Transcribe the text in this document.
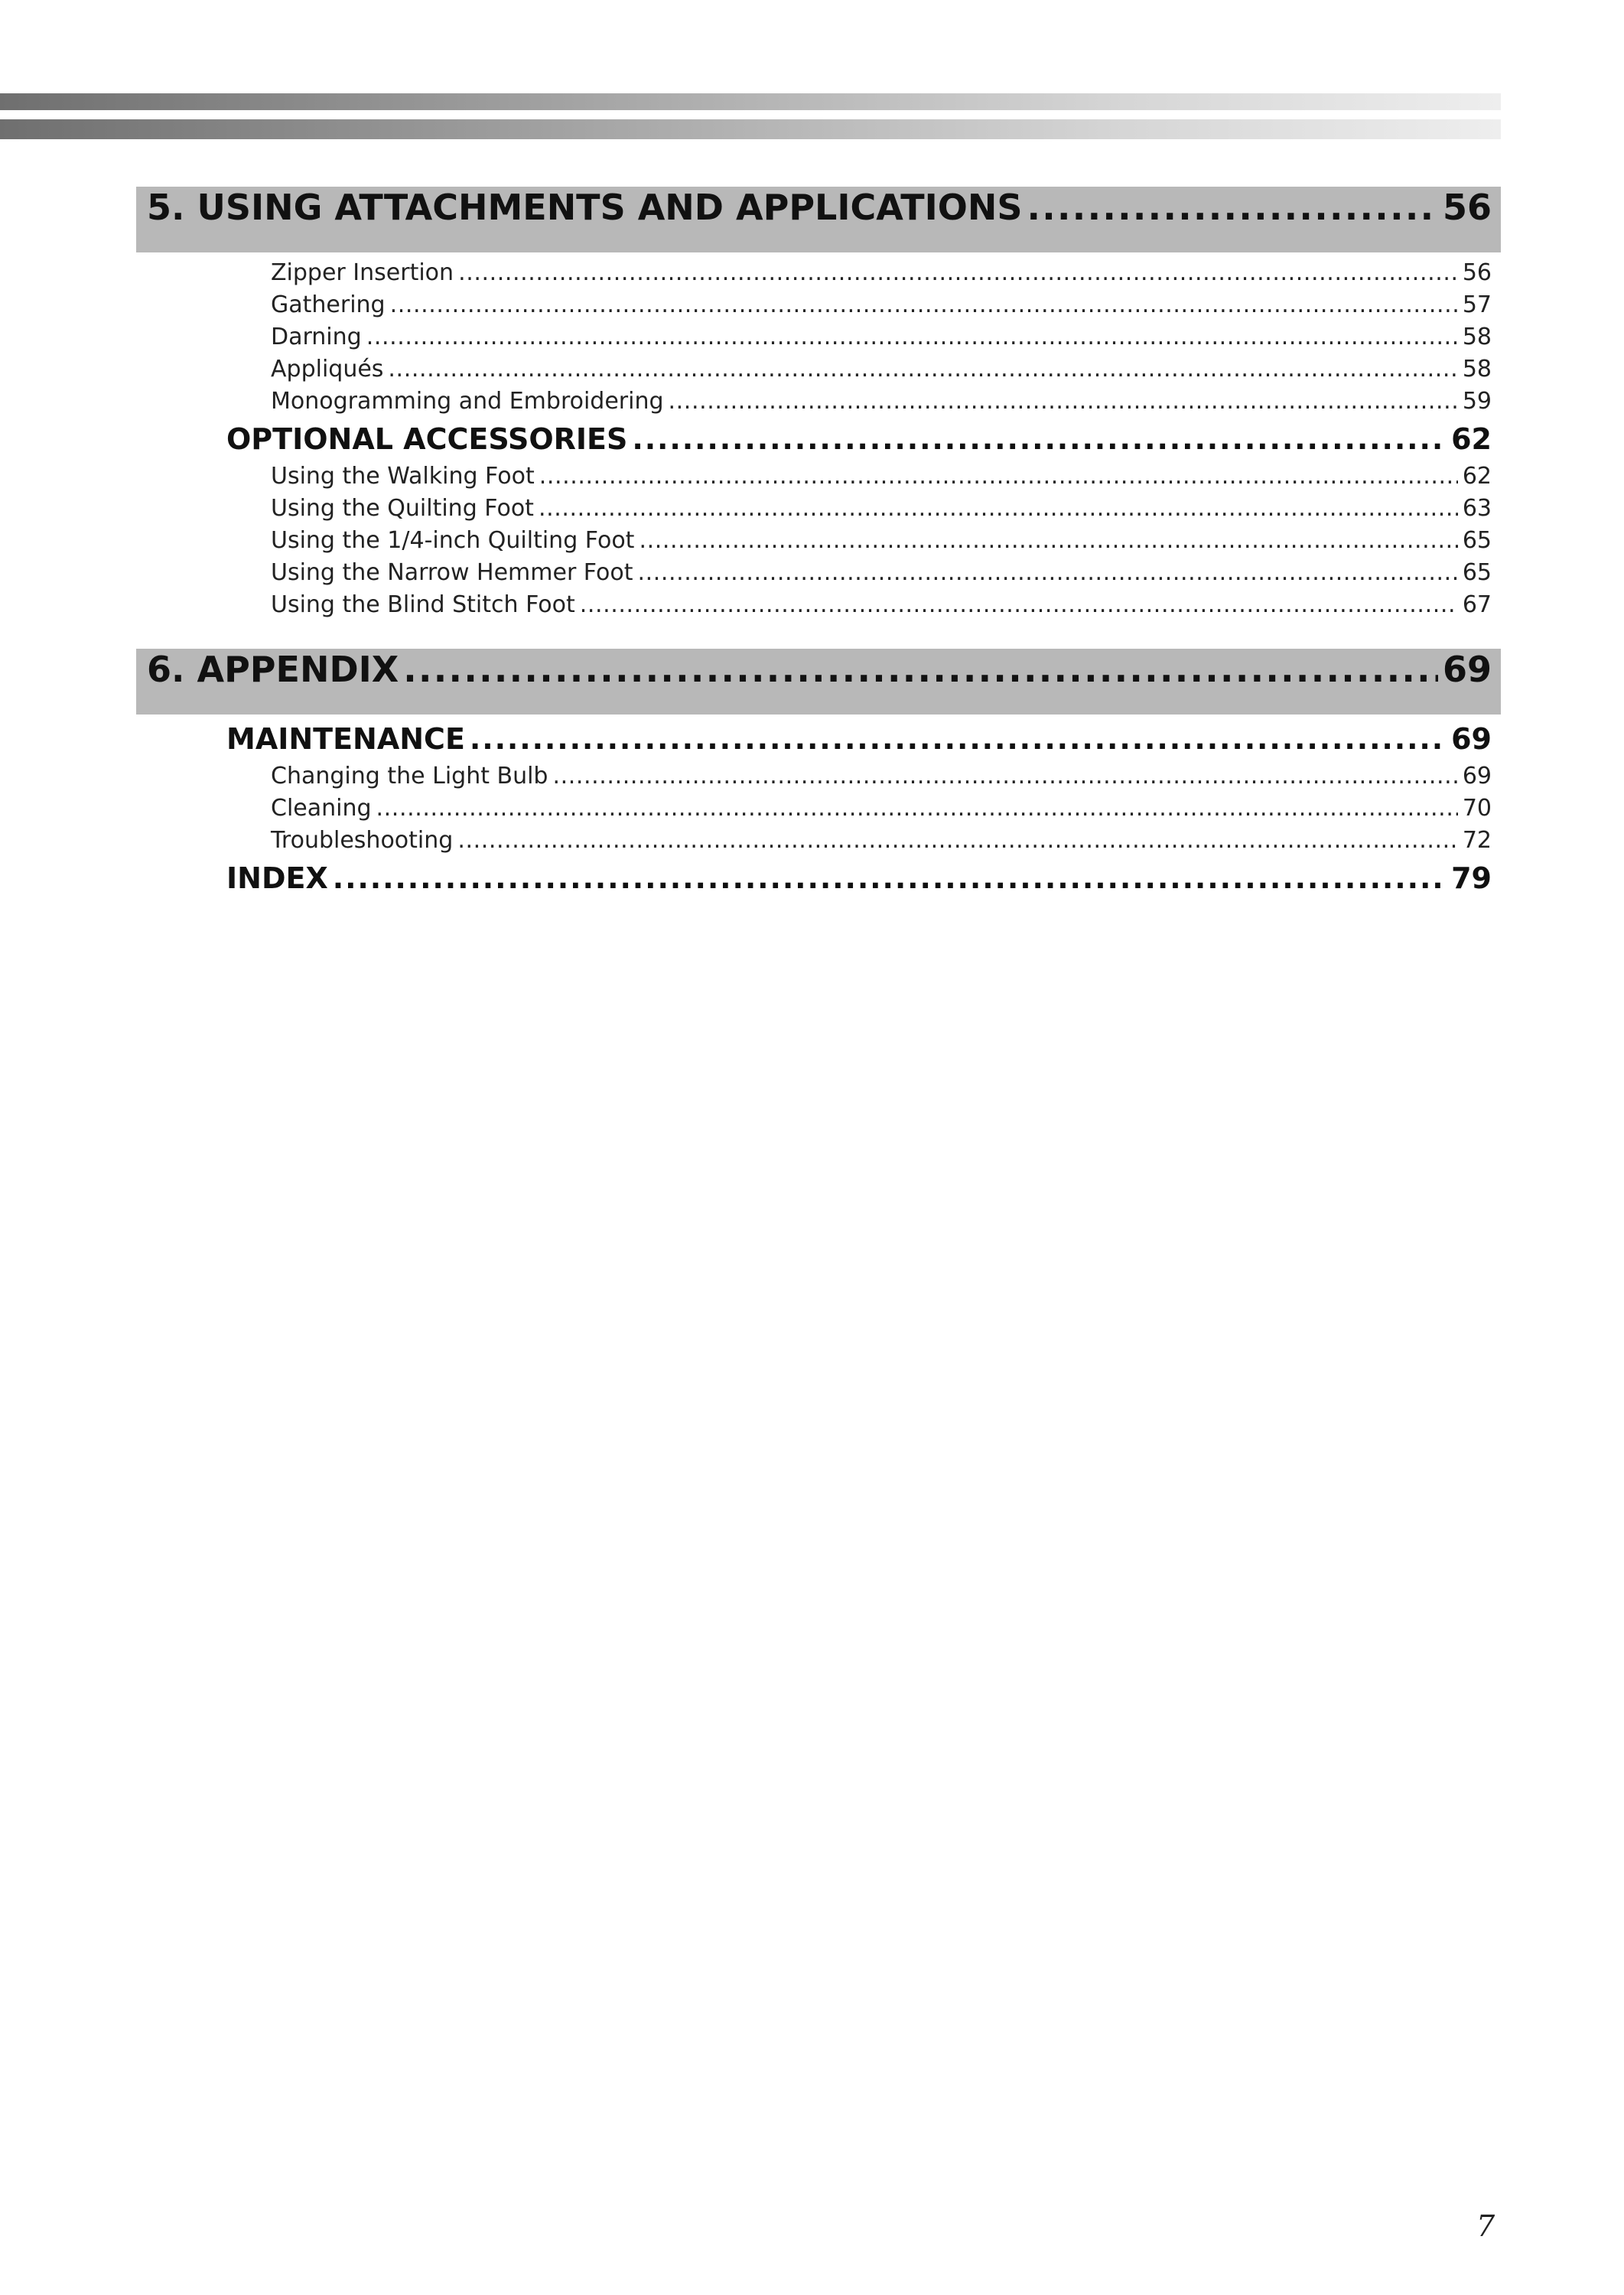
5. USING ATTACHMENTS AND APPLICATIONS .....	56
Zipper Insertion .....	56
Gathering .....	57
Darning .....	58
Appliqués .....	58
Monogramming and Embroidering .....	59
OPTIONAL ACCESSORIES .....	62
Using the Walking Foot .....	62
Using the Quilting Foot .....	63
Using the 1/4-inch Quilting Foot .....	65
Using the Narrow Hemmer Foot .....	65
Using the Blind Stitch Foot .....	67
6. APPENDIX .....	69
MAINTENANCE .....	69
Changing the Light Bulb .....	69
Cleaning .....	70
Troubleshooting .....	72
INDEX .....	79
7
